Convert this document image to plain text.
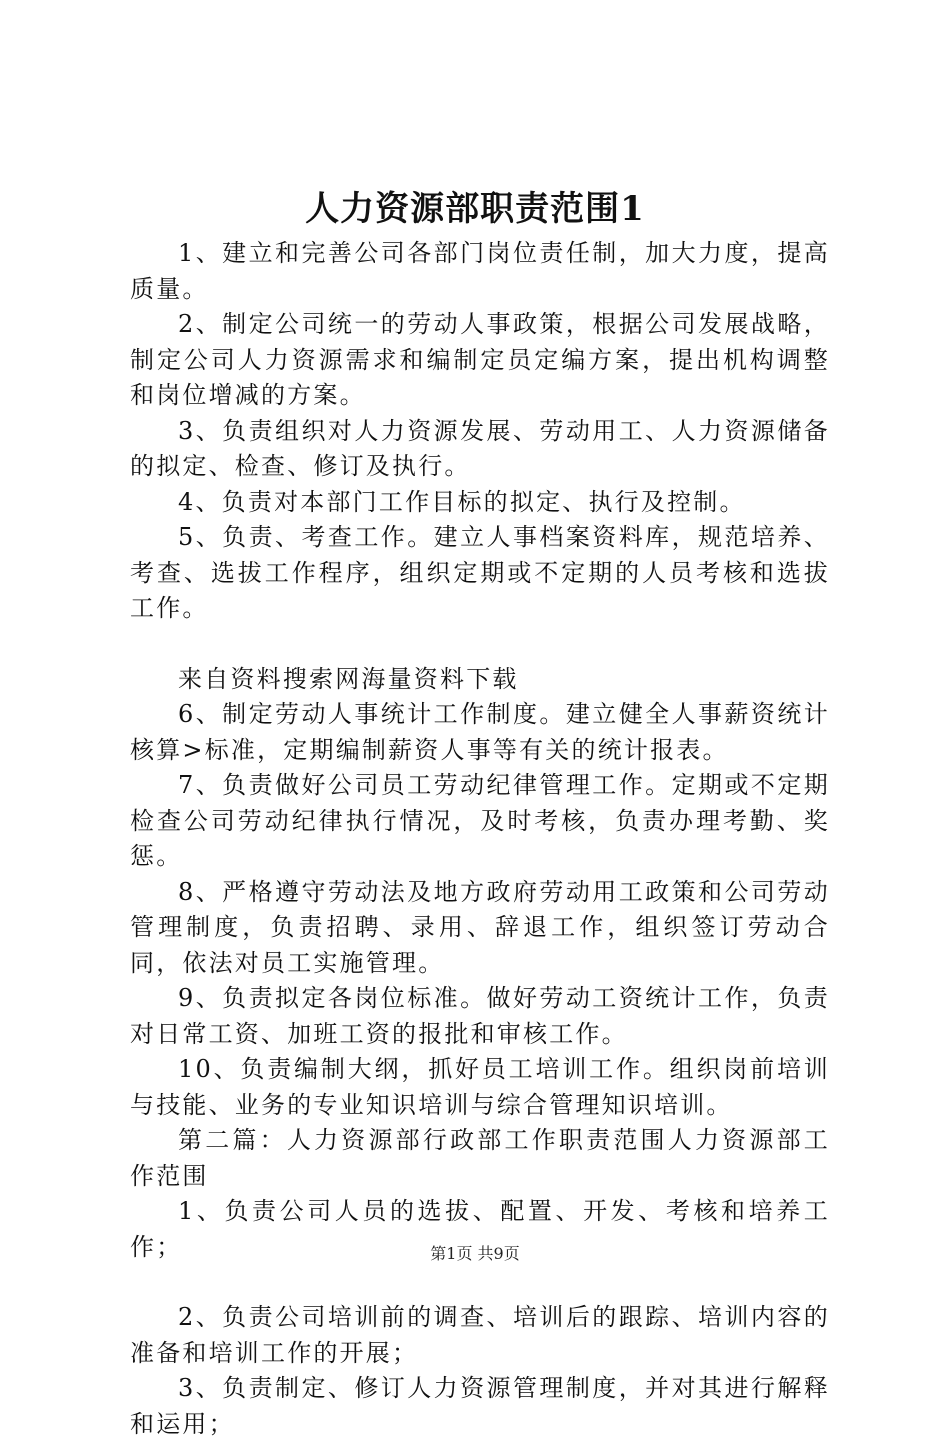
人力资源部职责范围1

1、建立和完善公司各部门岗位责任制，加大力度，提高质量。

2、制定公司统一的劳动人事政策，根据公司发展战略，制定公司人力资源需求和编制定员定编方案，提出机构调整和岗位增减的方案。

3、负责组织对人力资源发展、劳动用工、人力资源储备的拟定、检查、修订及执行。

4、负责对本部门工作目标的拟定、执行及控制。

5、负责、考查工作。建立人事档案资料库，规范培养、考查、选拔工作程序，组织定期或不定期的人员考核和选拔工作。

来自资料搜索网海量资料下载

6、制定劳动人事统计工作制度。建立健全人事薪资统计核算>标准，定期编制薪资人事等有关的统计报表。

7、负责做好公司员工劳动纪律管理工作。定期或不定期检查公司劳动纪律执行情况，及时考核，负责办理考勤、奖惩。

8、严格遵守劳动法及地方政府劳动用工政策和公司劳动管理制度，负责招聘、录用、辞退工作，组织签订劳动合同，依法对员工实施管理。

9、负责拟定各岗位标准。做好劳动工资统计工作，负责对日常工资、加班工资的报批和审核工作。

10、负责编制大纲，抓好员工培训工作。组织岗前培训与技能、业务的专业知识培训与综合管理知识培训。

第二篇：人力资源部行政部工作职责范围人力资源部工作范围

1、负责公司人员的选拔、配置、开发、考核和培养工作；

2、负责公司培训前的调查、培训后的跟踪、培训内容的准备和培训工作的开展；

3、负责制定、修订人力资源管理制度，并对其进行解释和运用；

第1页 共9页
